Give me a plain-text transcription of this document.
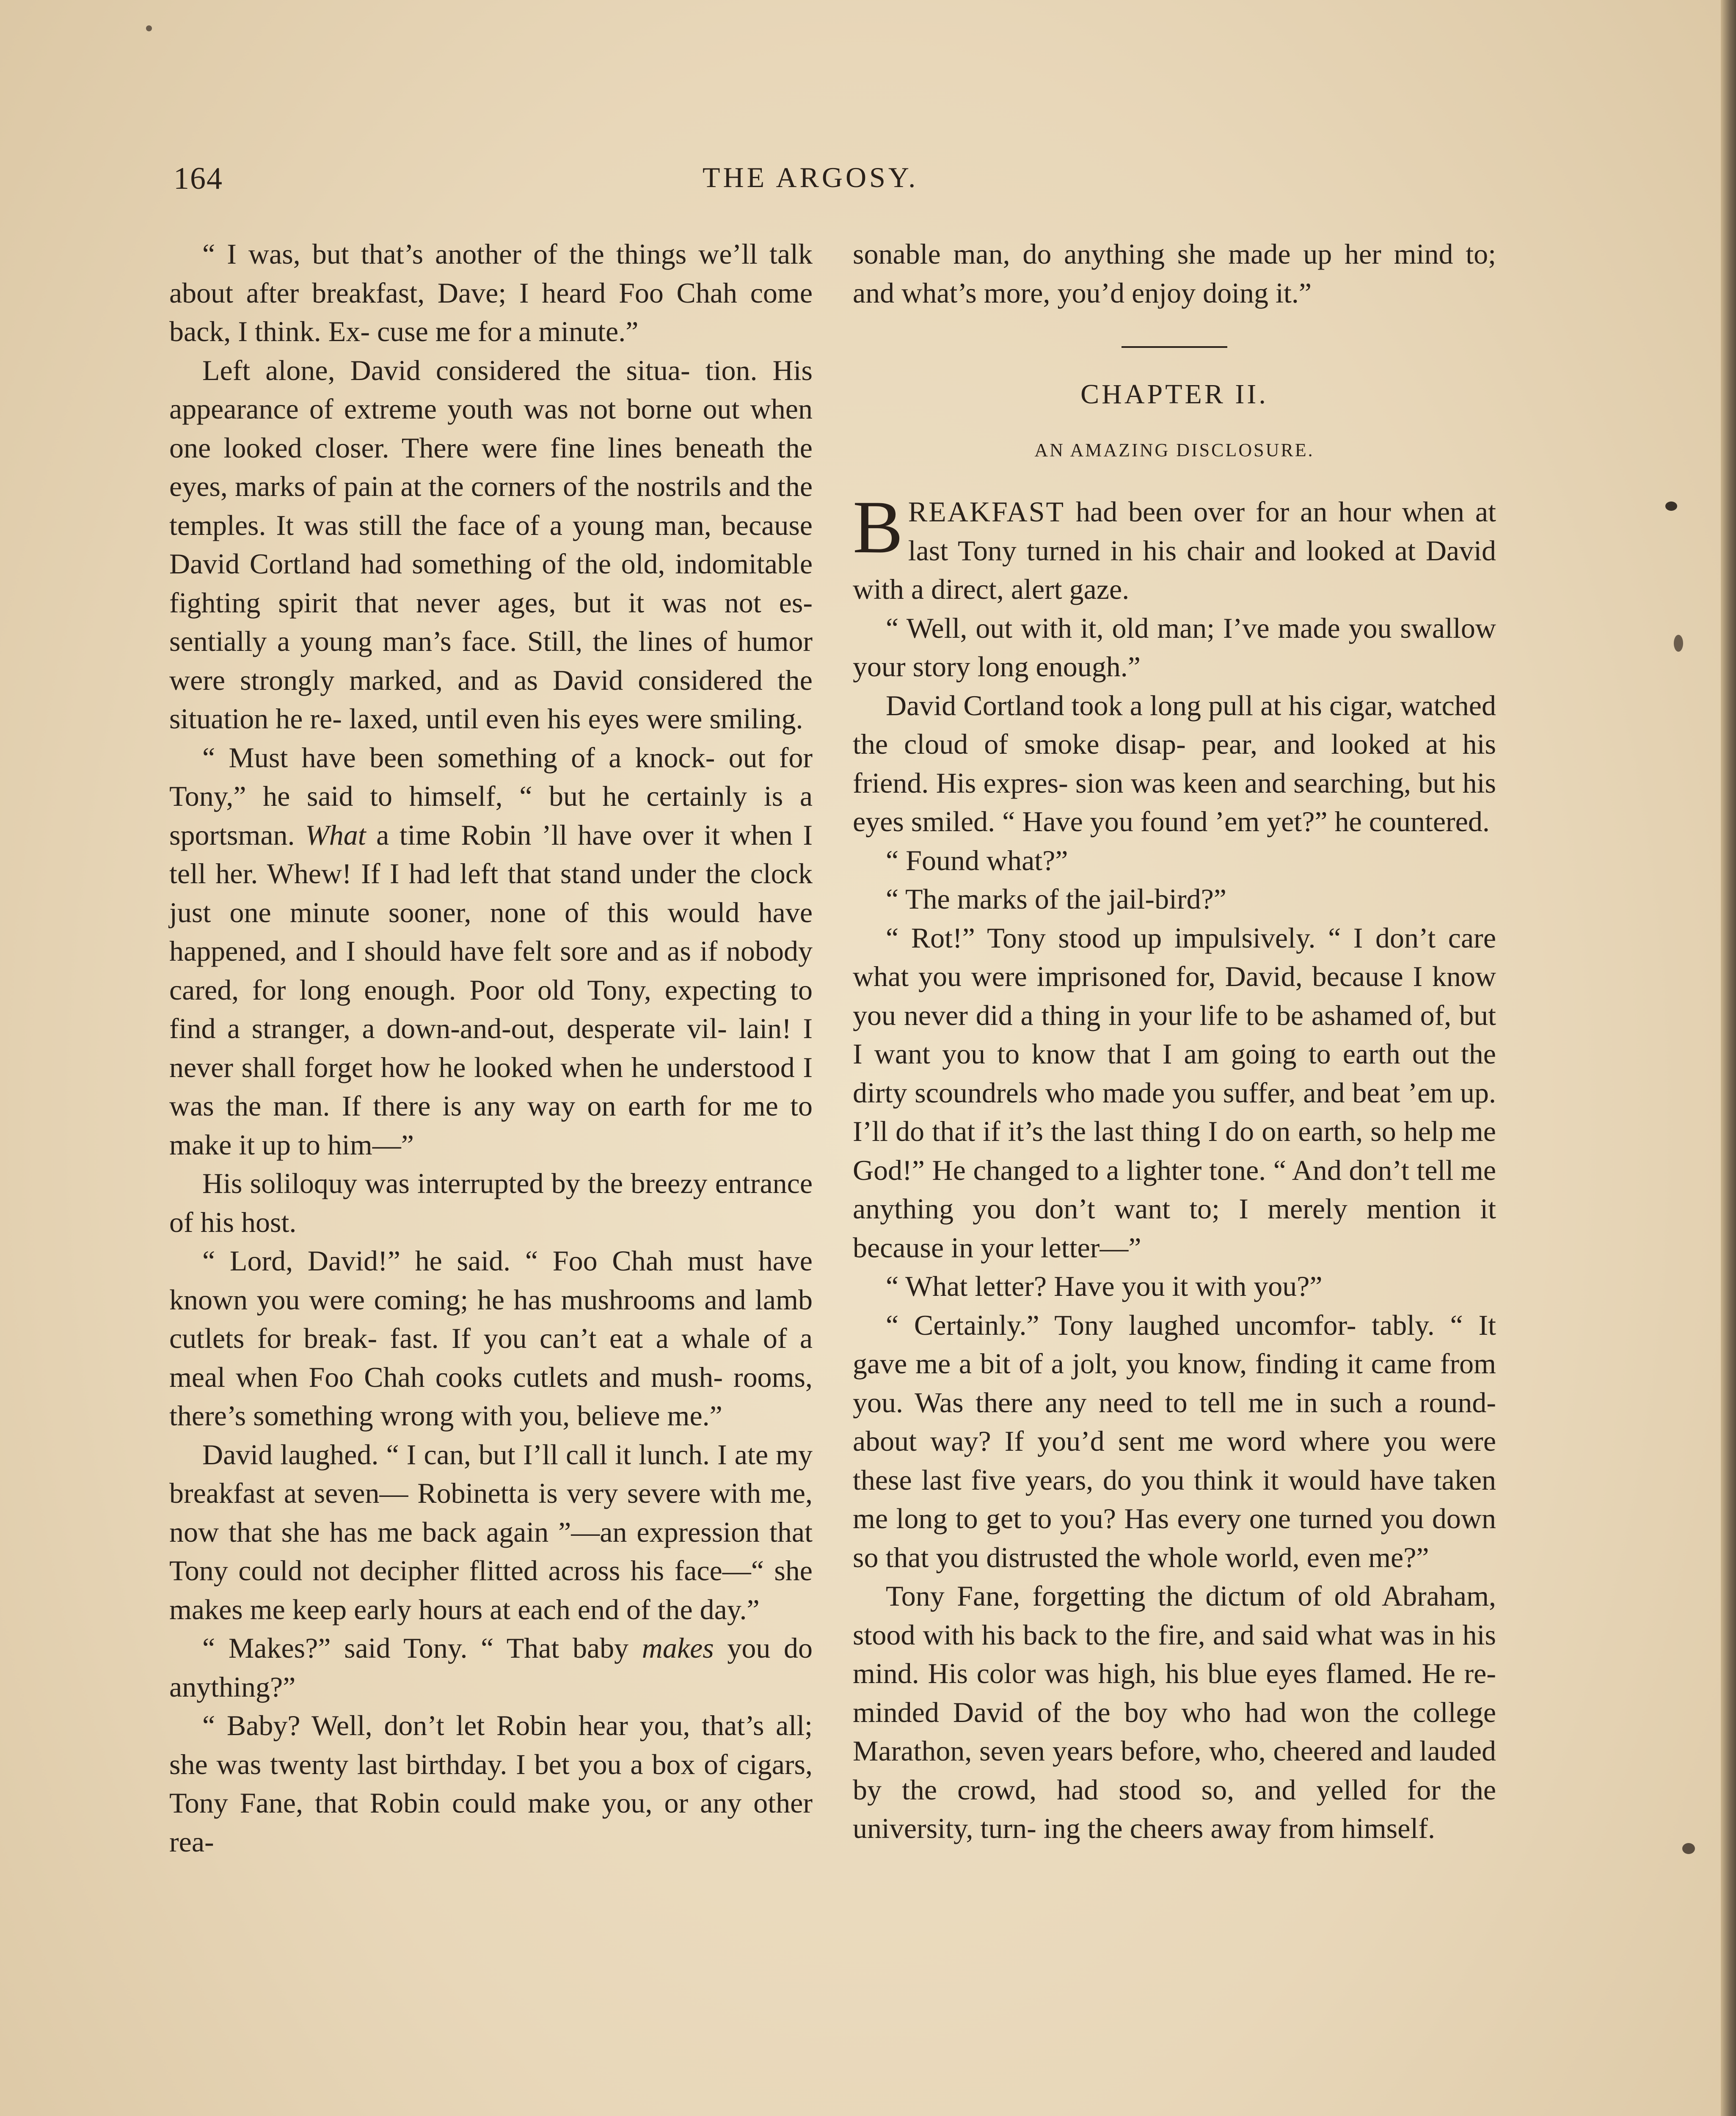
164	THE ARGOSY.

“ I was, but that’s another of the things we’ll talk about after breakfast, Dave; I heard Foo Chah come back, I think. Ex- cuse me for a minute.”

Left alone, David considered the situa- tion. His appearance of extreme youth was not borne out when one looked closer. There were fine lines beneath the eyes, marks of pain at the corners of the nostrils and the temples. It was still the face of a young man, because David Cortland had something of the old, indomitable fighting spirit that never ages, but it was not es- sentially a young man’s face. Still, the lines of humor were strongly marked, and as David considered the situation he re- laxed, until even his eyes were smiling.

“ Must have been something of a knock- out for Tony,” he said to himself, “ but he certainly is a sportsman. What a time Robin ’ll have over it when I tell her. Whew! If I had left that stand under the clock just one minute sooner, none of this would have happened, and I should have felt sore and as if nobody cared, for long enough. Poor old Tony, expecting to find a stranger, a down-and-out, desperate vil- lain! I never shall forget how he looked when he understood I was the man. If there is any way on earth for me to make it up to him—”

His soliloquy was interrupted by the breezy entrance of his host.

“ Lord, David!” he said. “ Foo Chah must have known you were coming; he has mushrooms and lamb cutlets for break- fast. If you can’t eat a whale of a meal when Foo Chah cooks cutlets and mush- rooms, there’s something wrong with you, believe me.”

David laughed. “ I can, but I’ll call it lunch. I ate my breakfast at seven— Robinetta is very severe with me, now that she has me back again ”—an expression that Tony could not decipher flitted across his face—“ she makes me keep early hours at each end of the day.”

“ Makes?” said Tony. “ That baby makes you do anything?”

“ Baby? Well, don’t let Robin hear you, that’s all; she was twenty last birthday. I bet you a box of cigars, Tony Fane, that Robin could make you, or any other rea-

sonable man, do anything she made up her mind to; and what’s more, you’d enjoy doing it.”

CHAPTER II.
AN AMAZING DISCLOSURE.

BREAKFAST had been over for an hour when at last Tony turned in his chair and looked at David with a direct, alert gaze.

“ Well, out with it, old man; I’ve made you swallow your story long enough.”

David Cortland took a long pull at his cigar, watched the cloud of smoke disap- pear, and looked at his friend. His expres- sion was keen and searching, but his eyes smiled. “ Have you found ’em yet?” he countered.

“ Found what?”

“ The marks of the jail-bird?”

“ Rot!” Tony stood up impulsively. “ I don’t care what you were imprisoned for, David, because I know you never did a thing in your life to be ashamed of, but I want you to know that I am going to earth out the dirty scoundrels who made you suffer, and beat ’em up. I’ll do that if it’s the last thing I do on earth, so help me God!” He changed to a lighter tone. “ And don’t tell me anything you don’t want to; I merely mention it because in your letter—”

“ What letter? Have you it with you?”

“ Certainly.” Tony laughed uncomfor- tably. “ It gave me a bit of a jolt, you know, finding it came from you. Was there any need to tell me in such a round- about way? If you’d sent me word where you were these last five years, do you think it would have taken me long to get to you? Has every one turned you down so that you distrusted the whole world, even me?”

Tony Fane, forgetting the dictum of old Abraham, stood with his back to the fire, and said what was in his mind. His color was high, his blue eyes flamed. He re- minded David of the boy who had won the college Marathon, seven years before, who, cheered and lauded by the crowd, had stood so, and yelled for the university, turn- ing the cheers away from himself.
